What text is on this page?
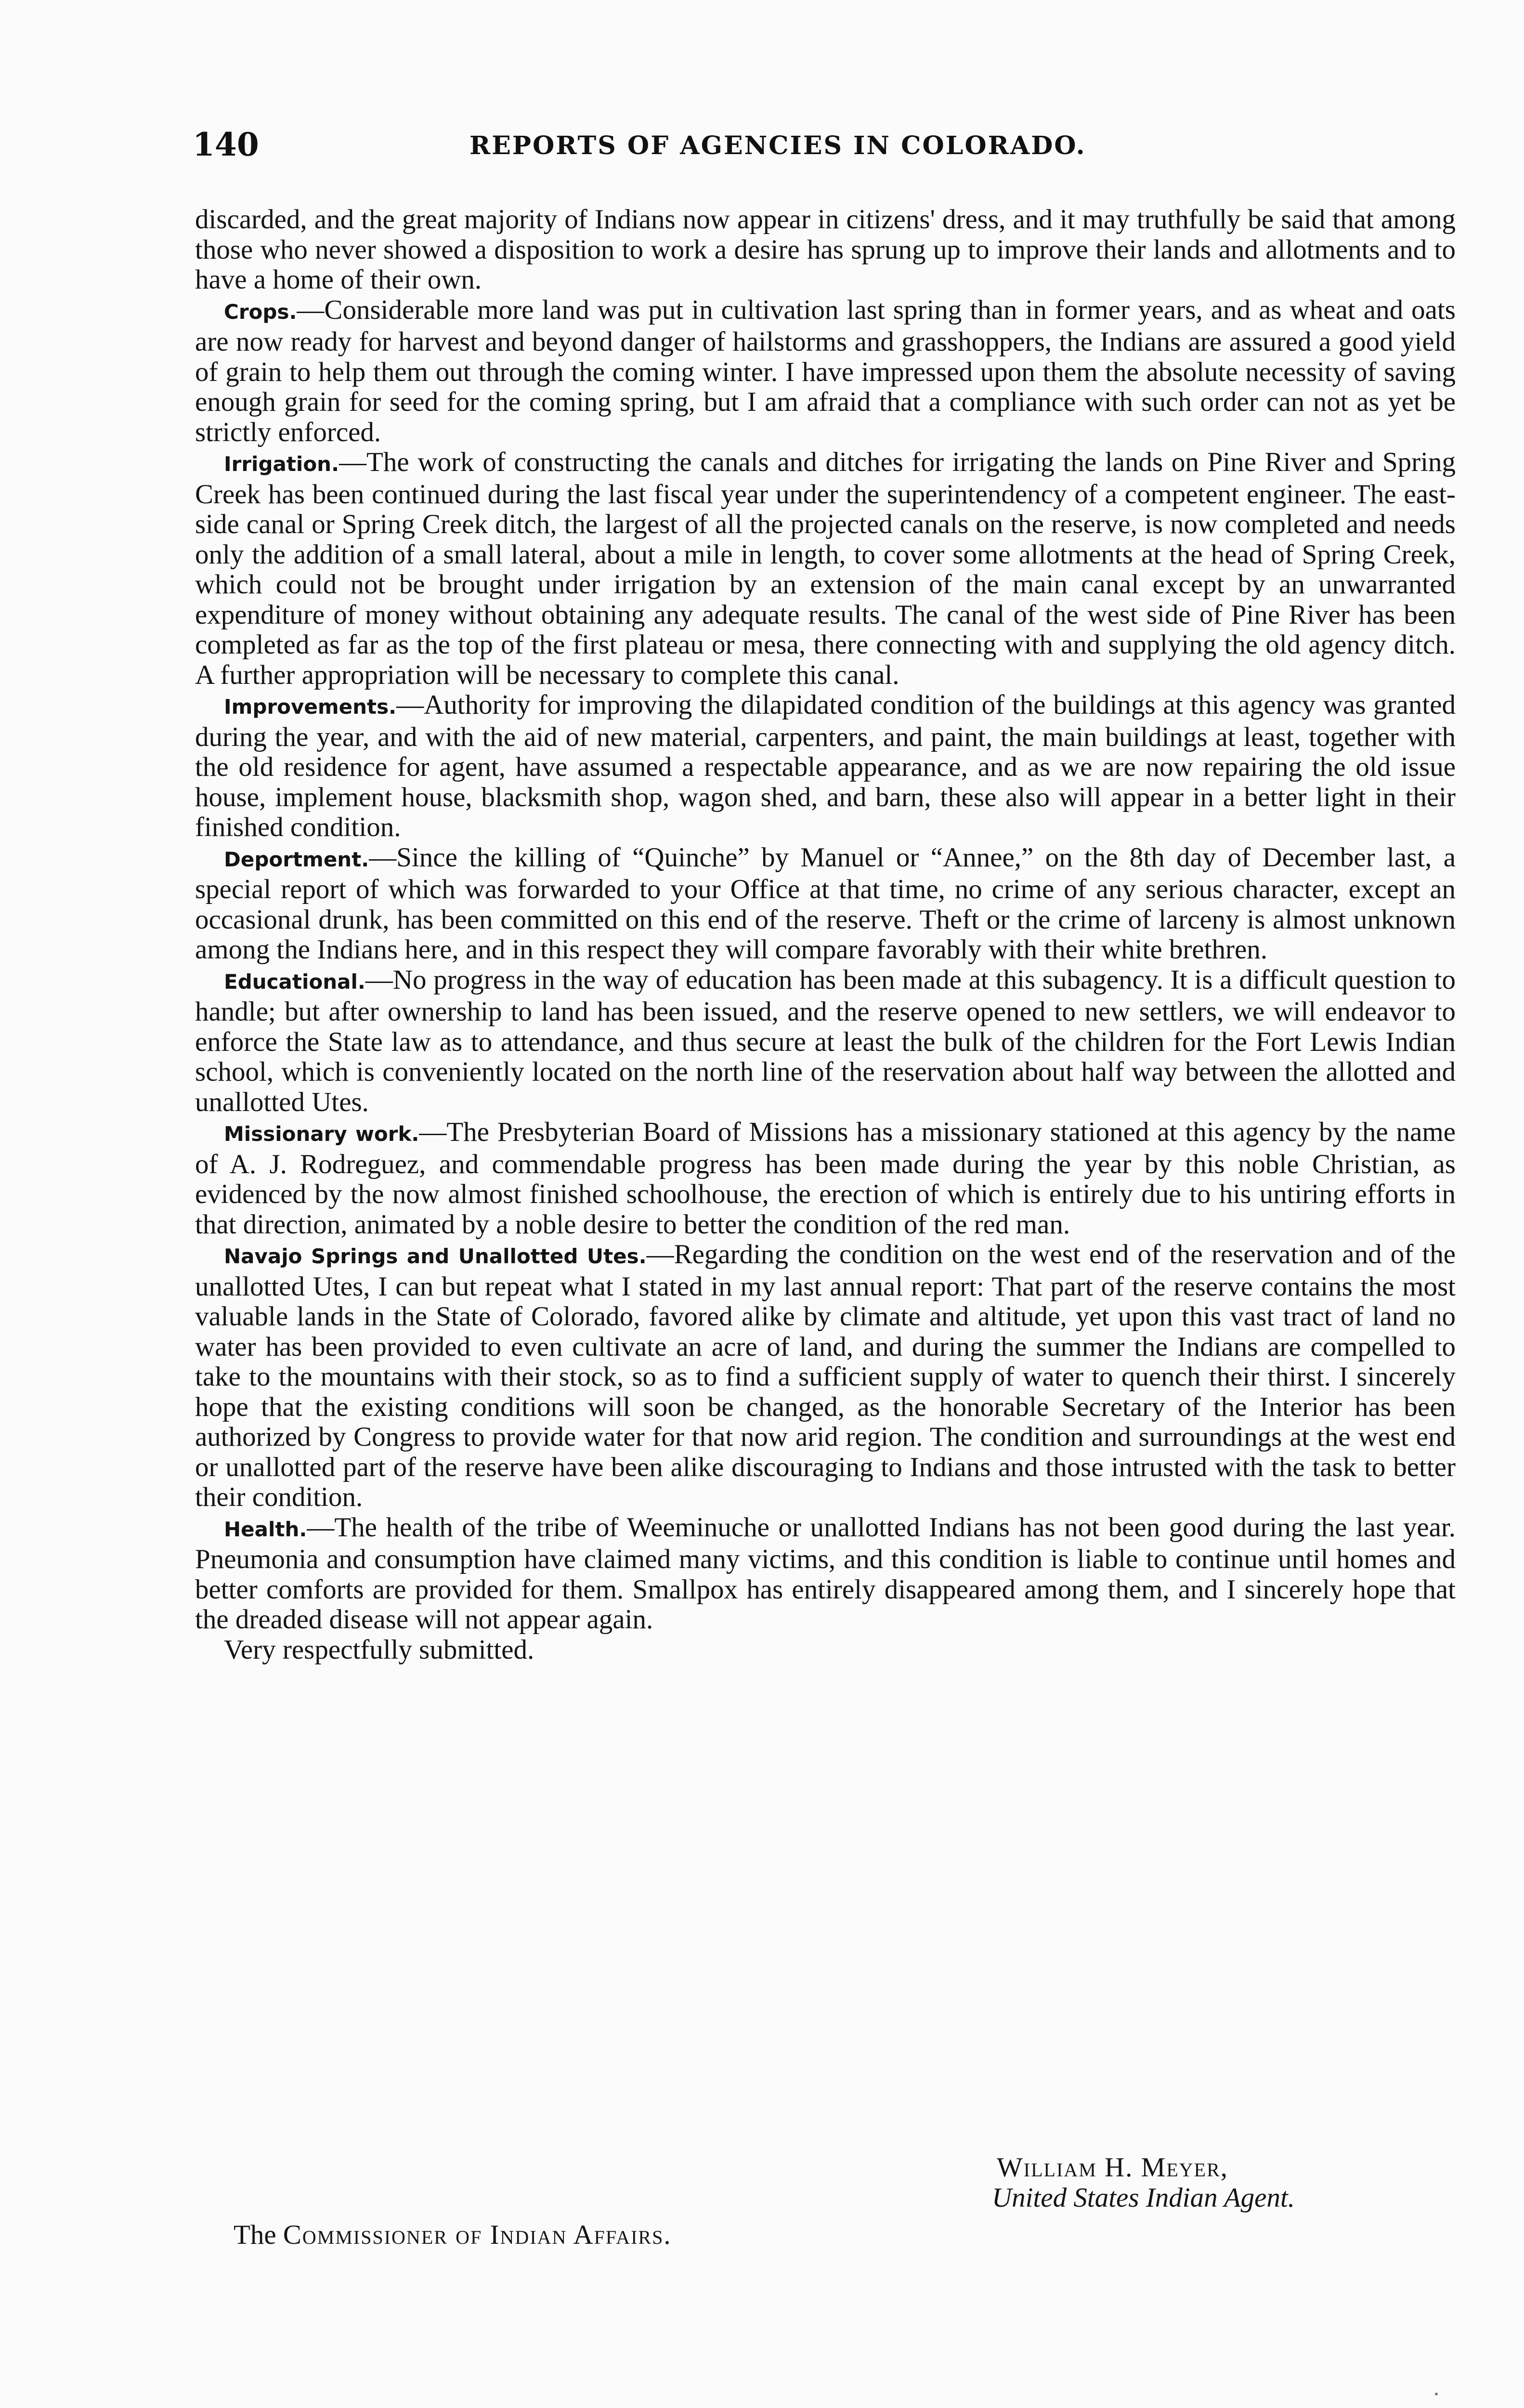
140	REPORTS OF AGENCIES IN COLORADO.

discarded, and the great majority of Indians now appear in citizens' dress, and it may truthfully be said that among those who never showed a disposition to work a desire has sprung up to improve their lands and allotments and to have a home of their own.

Crops.—Considerable more land was put in cultivation last spring than in former years, and as wheat and oats are now ready for harvest and beyond danger of hailstorms and grasshoppers, the Indians are assured a good yield of grain to help them out through the coming winter. I have impressed upon them the absolute necessity of saving enough grain for seed for the coming spring, but I am afraid that a compliance with such order can not as yet be strictly enforced.

Irrigation.—The work of constructing the canals and ditches for irrigating the lands on Pine River and Spring Creek has been continued during the last fiscal year under the superintendency of a competent engineer. The east-side canal or Spring Creek ditch, the largest of all the projected canals on the reserve, is now completed and needs only the addition of a small lateral, about a mile in length, to cover some allotments at the head of Spring Creek, which could not be brought under irrigation by an extension of the main canal except by an unwarranted expenditure of money without obtaining any adequate results. The canal of the west side of Pine River has been completed as far as the top of the first plateau or mesa, there connecting with and supplying the old agency ditch. A further appropriation will be necessary to complete this canal.

Improvements.—Authority for improving the dilapidated condition of the buildings at this agency was granted during the year, and with the aid of new material, carpenters, and paint, the main buildings at least, together with the old residence for agent, have assumed a respectable appearance, and as we are now repairing the old issue house, implement house, blacksmith shop, wagon shed, and barn, these also will appear in a better light in their finished condition.

Deportment.—Since the killing of “Quinche” by Manuel or “Annee,” on the 8th day of December last, a special report of which was forwarded to your Office at that time, no crime of any serious character, except an occasional drunk, has been committed on this end of the reserve. Theft or the crime of larceny is almost unknown among the Indians here, and in this respect they will compare favorably with their white brethren.

Educational.—No progress in the way of education has been made at this subagency. It is a difficult question to handle; but after ownership to land has been issued, and the reserve opened to new settlers, we will endeavor to enforce the State law as to attendance, and thus secure at least the bulk of the children for the Fort Lewis Indian school, which is conveniently located on the north line of the reservation about half way between the allotted and unallotted Utes.

Missionary work.—The Presbyterian Board of Missions has a missionary stationed at this agency by the name of A. J. Rodreguez, and commendable progress has been made during the year by this noble Christian, as evidenced by the now almost finished schoolhouse, the erection of which is entirely due to his untiring efforts in that direction, animated by a noble desire to better the condition of the red man.

Navajo Springs and Unallotted Utes.—Regarding the condition on the west end of the reservation and of the unallotted Utes, I can but repeat what I stated in my last annual report: That part of the reserve contains the most valuable lands in the State of Colorado, favored alike by climate and altitude, yet upon this vast tract of land no water has been provided to even cultivate an acre of land, and during the summer the Indians are compelled to take to the mountains with their stock, so as to find a sufficient supply of water to quench their thirst. I sincerely hope that the existing conditions will soon be changed, as the honorable Secretary of the Interior has been authorized by Congress to provide water for that now arid region. The condition and surroundings at the west end or unallotted part of the reserve have been alike discouraging to Indians and those intrusted with the task to better their condition.

Health.—The health of the tribe of Weeminuche or unallotted Indians has not been good during the last year. Pneumonia and consumption have claimed many victims, and this condition is liable to continue until homes and better comforts are provided for them. Smallpox has entirely disappeared among them, and I sincerely hope that the dreaded disease will not appear again.

Very respectfully submitted.

William H. Meyer,
United States Indian Agent.
The Commissioner of Indian Affairs.
